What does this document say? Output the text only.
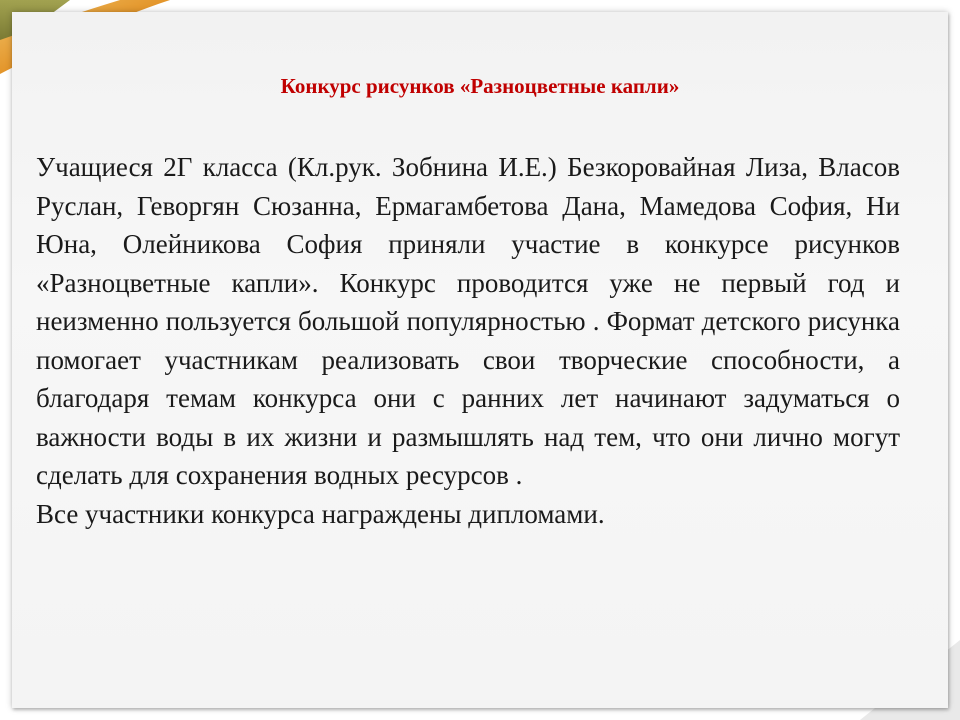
Конкурс рисунков «Разноцветные капли»

Учащиеся 2Г класса (Кл.рук. Зобнина И.Е.) Безкоровайная Лиза, Власов Руслан, Геворгян Сюзанна, Ермагамбетова Дана, Мамедова София, Ни Юна, Олейникова София приняли участие в конкурсе рисунков «Разноцветные капли». Конкурс проводится уже не первый год и неизменно пользуется большой популярностью . Формат детского рисунка помогает участникам реализовать свои творческие способности, а благодаря темам конкурса они с ранних лет начинают задуматься о важности воды в их жизни и размышлять над тем, что они лично могут сделать для сохранения водных ресурсов .

Все участники конкурса награждены дипломами.
